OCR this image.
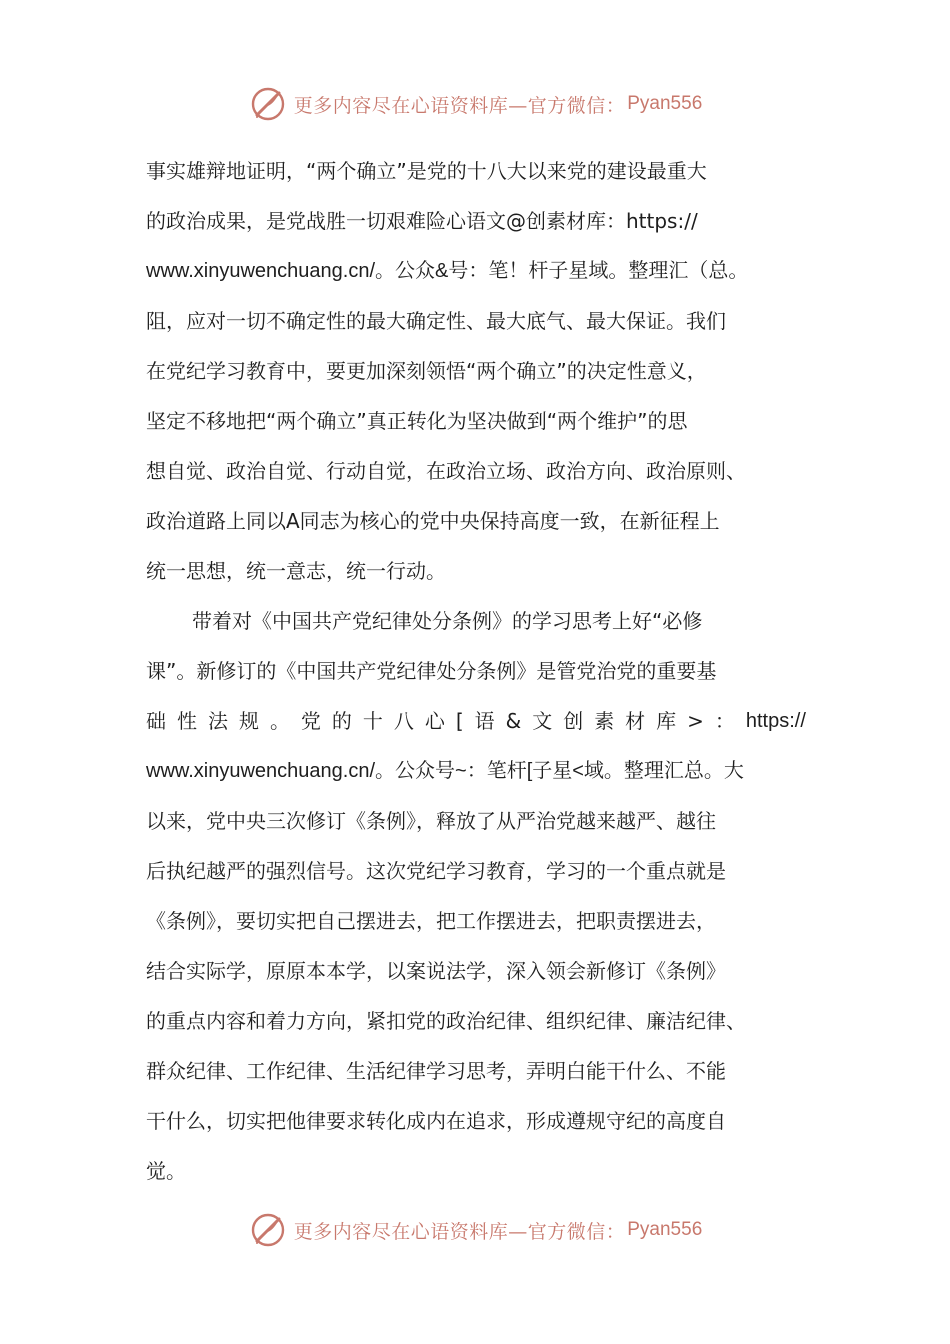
更多内容尽在心语资料库—官方微信： Pyan556
事实雄辩地证明，“两个确立”是党的十八大以来党的建设最重大
的政治成果，是党战胜一切艰难险心语文@创素材库：https://
www.xinyuwenchuang.cn/。公众&号：笔！杆子星域。整理汇（总。
阻，应对一切不确定性的最大确定性、最大底气、最大保证。我们
在党纪学习教育中，要更加深刻领悟“两个确立”的决定性意义，
坚定不移地把“两个确立”真正转化为坚决做到“两个维护”的思
想自觉、政治自觉、行动自觉，在政治立场、政治方向、政治原则、
政治道路上同以A同志为核心的党中央保持高度一致，在新征程上
统一思想，统一意志，统一行动。
带着对《中国共产党纪律处分条例》的学习思考上好“必修
课”。新修订的《中国共产党纪律处分条例》是管党治党的重要基
础 性 法 规 。 党 的 十 八 心 [ 语 & 文 创 素 材 库 > ： https://
www.xinyuwenchuang.cn/。公众号~：笔杆[子星<域。整理汇总。大
以来，党中央三次修订《条例》，释放了从严治党越来越严、越往
后执纪越严的强烈信号。这次党纪学习教育，学习的一个重点就是
《条例》，要切实把自己摆进去，把工作摆进去，把职责摆进去，
结合实际学，原原本本学，以案说法学，深入领会新修订《条例》
的重点内容和着力方向，紧扣党的政治纪律、组织纪律、廉洁纪律、
群众纪律、工作纪律、生活纪律学习思考，弄明白能干什么、不能
干什么，切实把他律要求转化成内在追求，形成遵规守纪的高度自
觉。
更多内容尽在心语资料库—官方微信： Pyan556
